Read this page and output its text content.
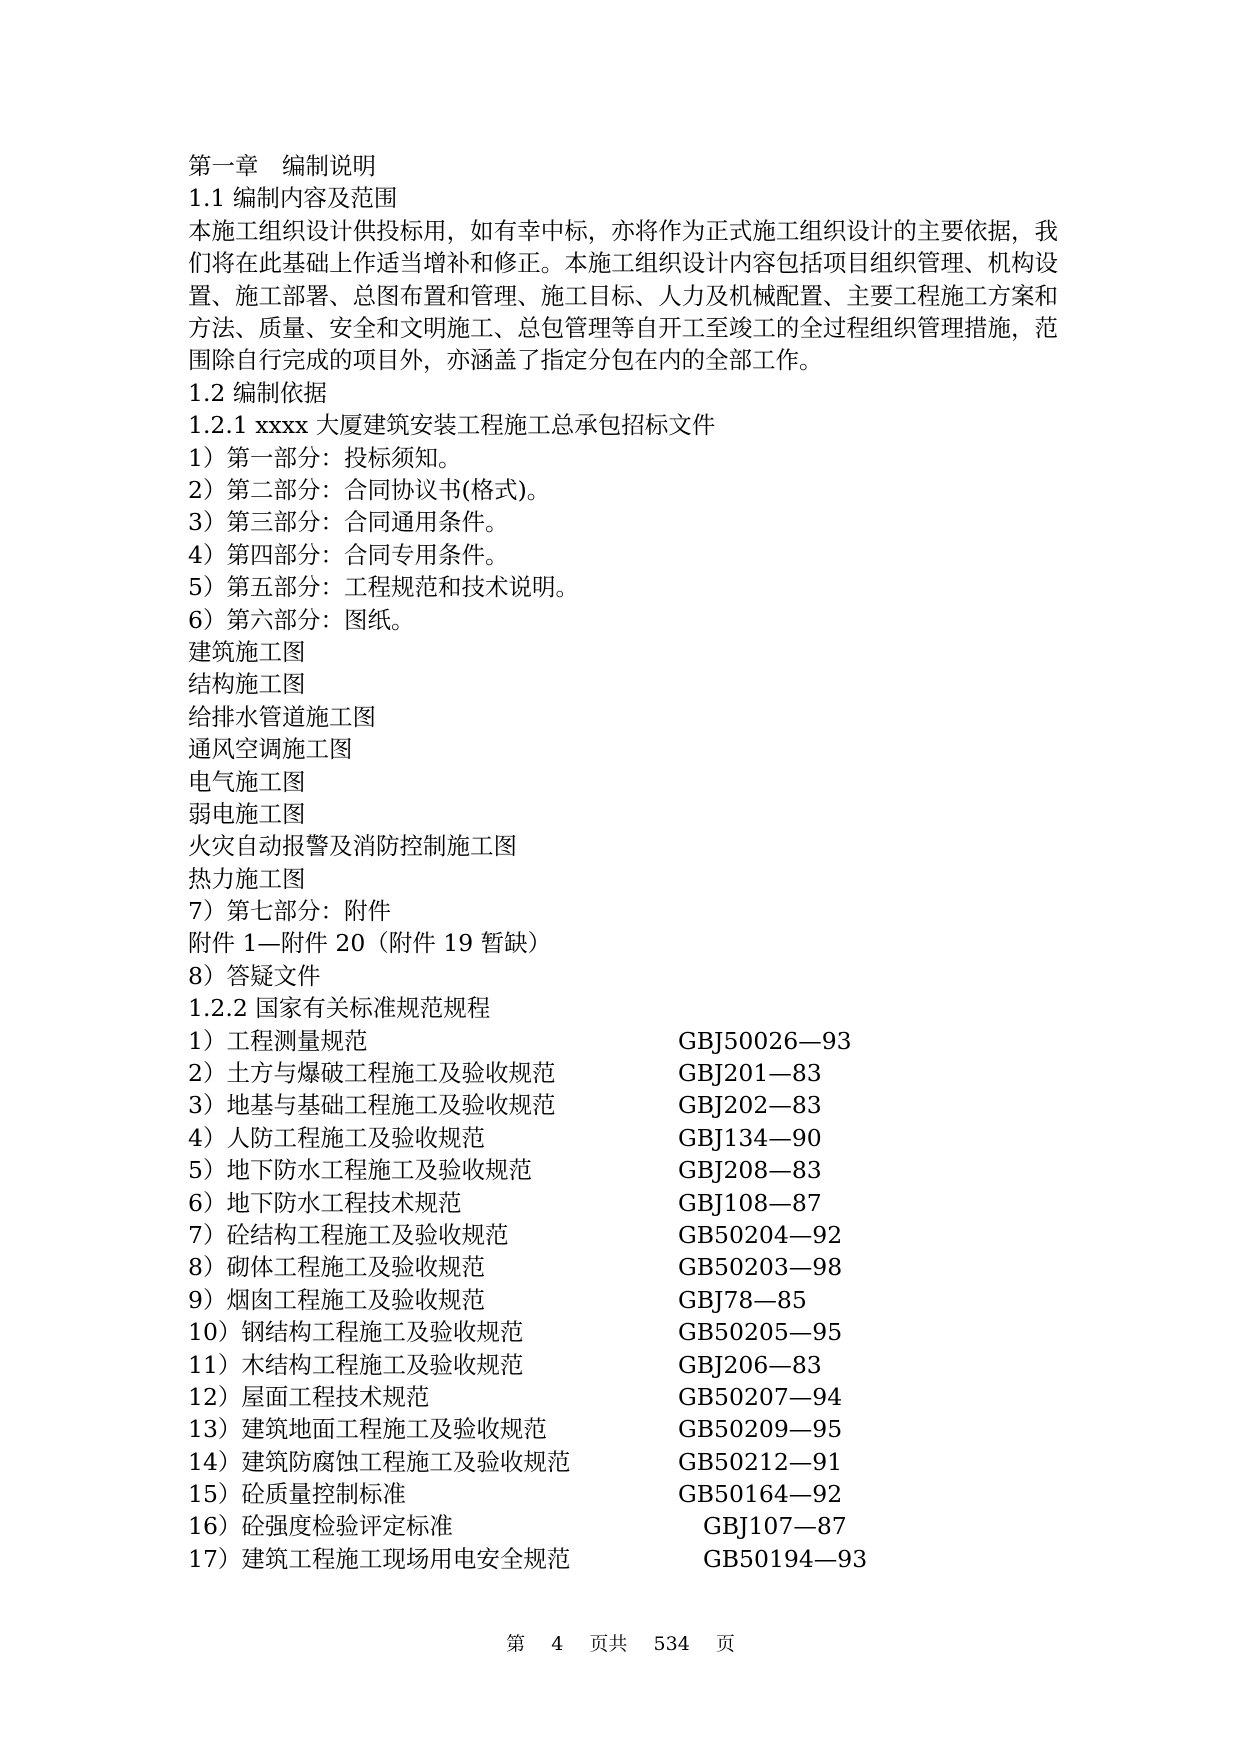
第一章　编制说明
1.1 编制内容及范围
本施工组织设计供投标用，如有幸中标，亦将作为正式施工组织设计的主要依据，我们将在此基础上作适当增补和修正。本施工组织设计内容包括项目组织管理、机构设置、施工部署、总图布置和管理、施工目标、人力及机械配置、主要工程施工方案和方法、质量、安全和文明施工、总包管理等自开工至竣工的全过程组织管理措施，范围除自行完成的项目外，亦涵盖了指定分包在内的全部工作。
1.2 编制依据
1.2.1 xxxx 大厦建筑安装工程施工总承包招标文件
1）第一部分：投标须知。
2）第二部分：合同协议书(格式)。
3）第三部分：合同通用条件。
4）第四部分：合同专用条件。
5）第五部分：工程规范和技术说明。
6）第六部分：图纸。
建筑施工图
结构施工图
给排水管道施工图
通风空调施工图
电气施工图
弱电施工图
火灾自动报警及消防控制施工图
热力施工图
7）第七部分：附件
附件 1—附件 20（附件 19 暂缺）
8）答疑文件
1.2.2 国家有关标准规范规程
1）工程测量规范	GBJ50026—93
2）土方与爆破工程施工及验收规范	GBJ201—83
3）地基与基础工程施工及验收规范	GBJ202—83
4）人防工程施工及验收规范	GBJ134—90
5）地下防水工程施工及验收规范	GBJ208—83
6）地下防水工程技术规范	GBJ108—87
7）砼结构工程施工及验收规范	GB50204—92
8）砌体工程施工及验收规范	GB50203—98
9）烟囱工程施工及验收规范	GBJ78—85
10）钢结构工程施工及验收规范	GB50205—95
11）木结构工程施工及验收规范	GBJ206—83
12）屋面工程技术规范	GB50207—94
13）建筑地面工程施工及验收规范	GB50209—95
14）建筑防腐蚀工程施工及验收规范	GB50212—91
15）砼质量控制标准	GB50164—92
16）砼强度检验评定标准	GBJ107—87
17）建筑工程施工现场用电安全规范	GB50194—93
第 4 页共 534 页
